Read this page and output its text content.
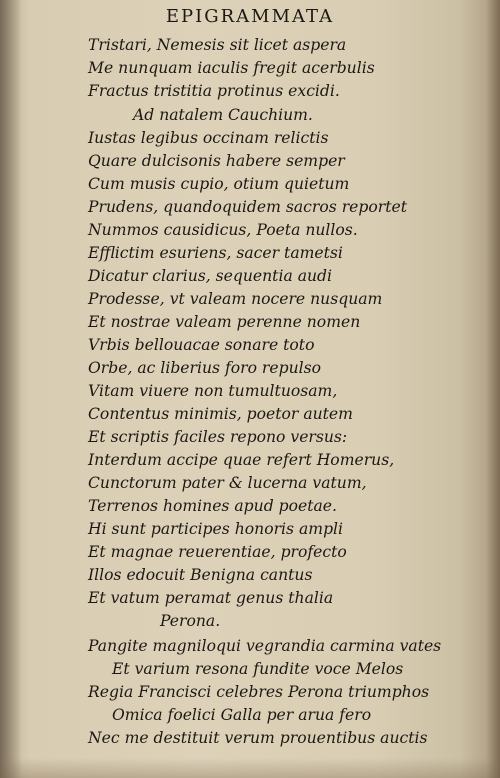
EPIGRAMMATA
Tristari, Nemesis sit licet aspera
Me nunquam iaculis fregit acerbulis
Fractus tristitia protinus excidi.
Ad natalem Cauchium.
Iustas legibus occinam relictis
Quare dulcisonis habere semper
Cum musis cupio, otium quietum
Prudens, quandoquidem sacros reportet
Nummos causidicus, Poeta nullos.
Efflictim esuriens, sacer tametsi
Dicatur clarius, sequentia audi
Prodesse, vt valeam nocere nusquam
Et nostrae valeam perenne nomen
Vrbis bellouacae sonare toto
Orbe, ac liberius foro repulso
Vitam viuere non tumultuosam,
Contentus minimis, poetor autem
Et scriptis faciles repono versus:
Interdum accipe quae refert Homerus,
Cunctorum pater & lucerna vatum,
Terrenos homines apud poetae.
Hi sunt participes honoris ampli
Et magnae reuerentiae, profecto
Illos edocuit Benigna cantus
Et vatum peramat genus thalia
Perona.
Pangite magniloqui vegrandia carmina vates
Et varium resona fundite voce Melos
Regia Francisci celebres Perona triumphos
Omica foelici Galla per arua fero
Nec me destituit verum prouentibus auctis
